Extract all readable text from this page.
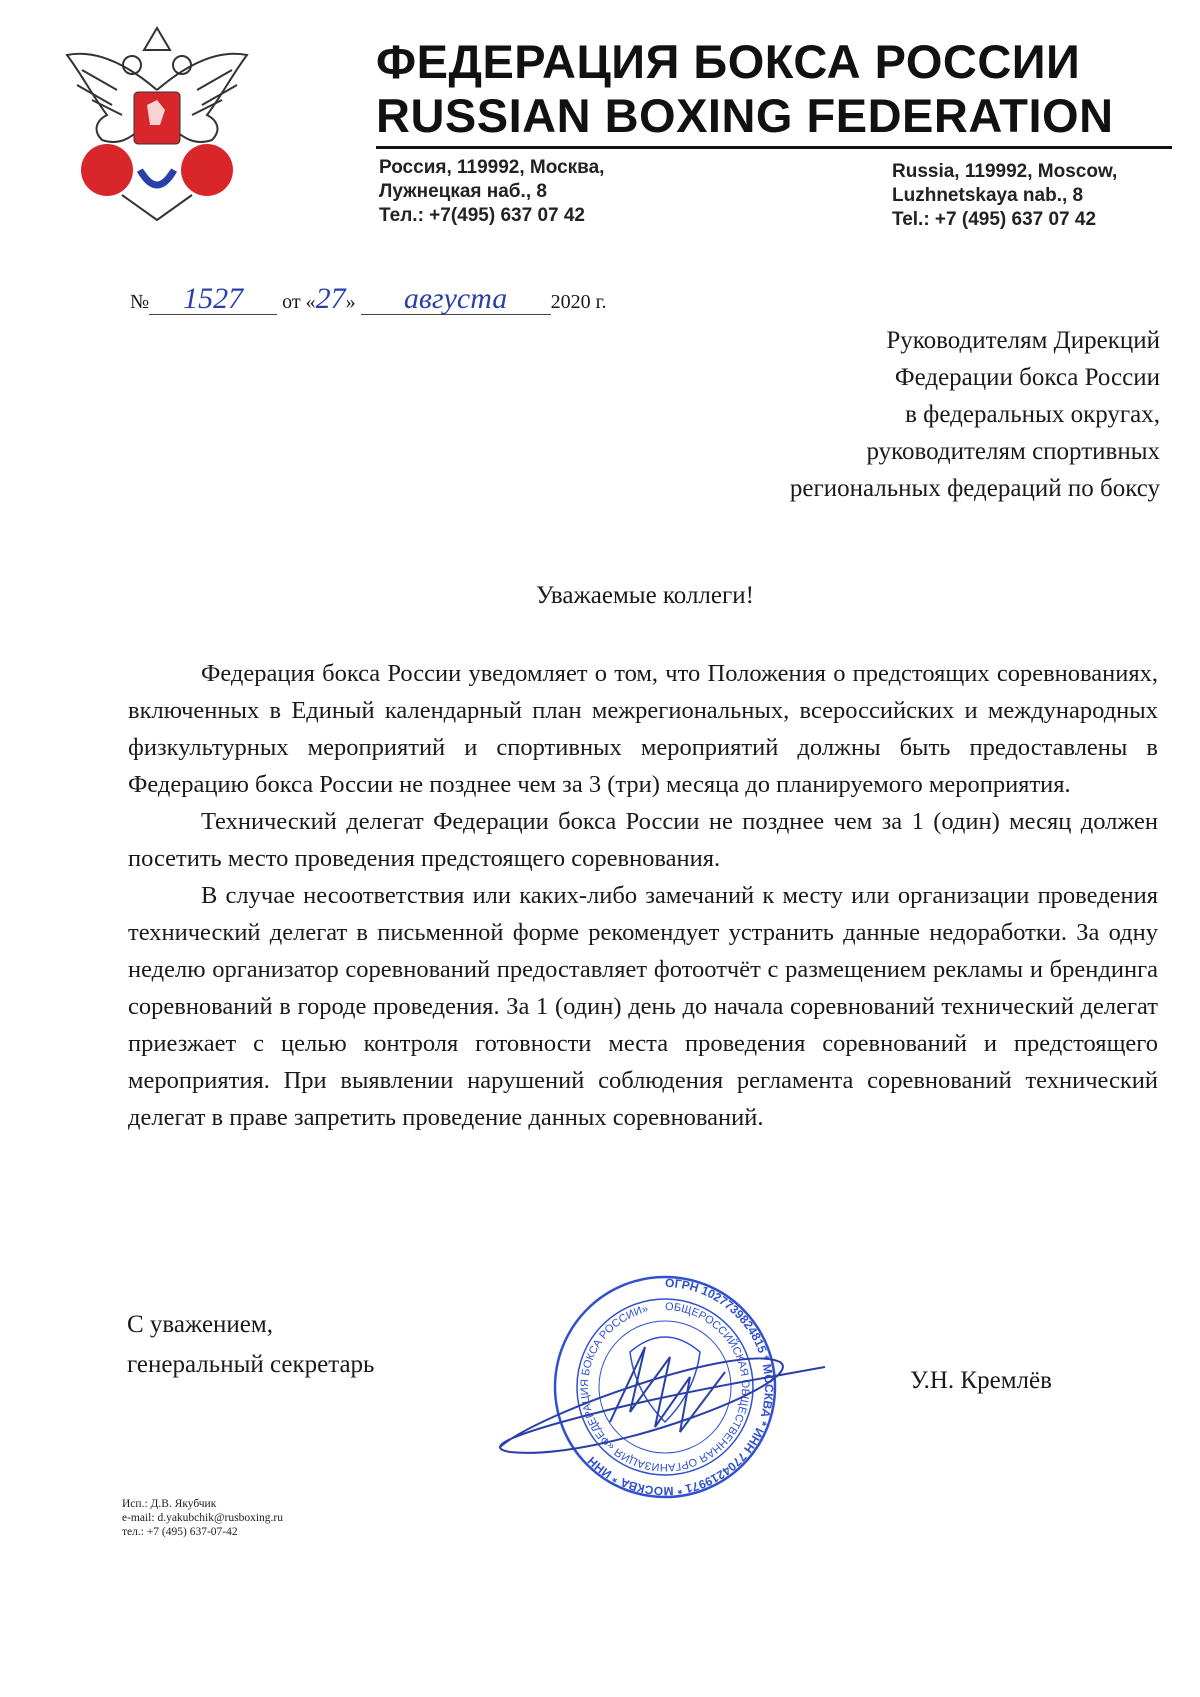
ФЕДЕРАЦИЯ БОКСА РОССИИ
RUSSIAN BOXING FEDERATION
Россия, 119992, Москва,
Лужнецкая наб., 8
Тел.: +7(495) 637 07 42
Russia, 119992, Moscow,
Luzhnetskaya nab., 8
Tel.: +7 (495) 637 07 42
№ 1527 от «27» августа 2020 г.
Руководителям Дирекций
Федерации бокса России
в федеральных округах,
руководителям спортивных
региональных федераций по боксу
Уважаемые коллеги!

Федерация бокса России уведомляет о том, что Положения о предстоящих соревнованиях, включенных в Единый календарный план межрегиональных, всероссийских и международных физкультурных мероприятий и спортивных мероприятий должны быть предоставлены в Федерацию бокса России не позднее чем за 3 (три) месяца до планируемого мероприятия.

Технический делегат Федерации бокса России не позднее чем за 1 (один) месяц должен посетить место проведения предстоящего соревнования.

В случае несоответствия или каких-либо замечаний к месту или организации проведения технический делегат в письменной форме рекомендует устранить данные недоработки. За одну неделю организатор соревнований предоставляет фотоотчёт с размещением рекламы и брендинга соревнований в городе проведения. За 1 (один) день до начала соревнований технический делегат приезжает с целью контроля готовности места проведения соревнований и предстоящего мероприятия. При выявлении нарушений соблюдения регламента соревнований технический делегат в праве запретить проведение данных соревнований.

С уважением,
генеральный секретарь
ОГРН 1027739824815 * МОСКВА * ИНН 7704219971 * МОСКВА * ИНН
ОБЩЕРОССИЙСКАЯ ОБЩЕСТВЕННАЯ ОРГАНИЗАЦИЯ «ФЕДЕРАЦИЯ БОКСА РОССИИ»
У.Н. Кремлёв
Исп.: Д.В. Якубчик
e-mail: d.yakubchik@rusboxing.ru
тел.: +7 (495) 637-07-42
